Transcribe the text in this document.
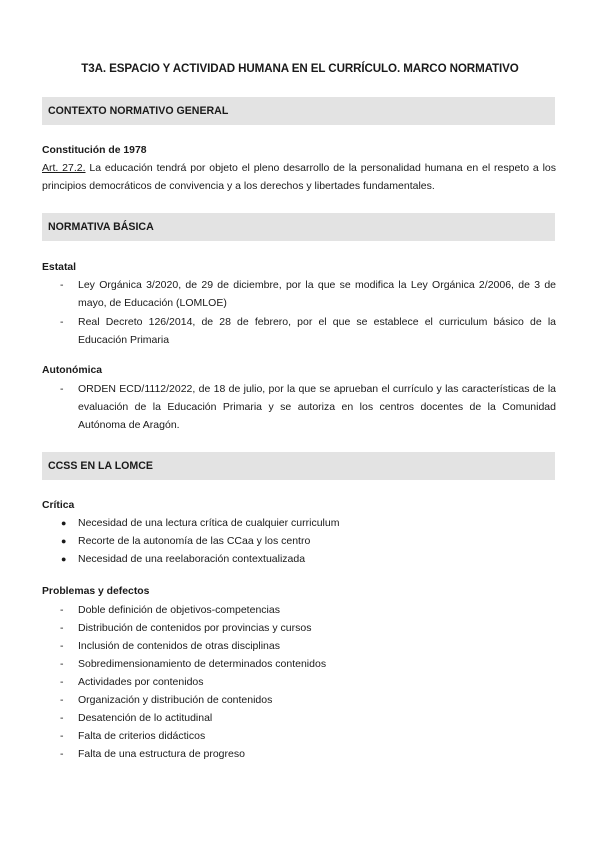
T3A. ESPACIO Y ACTIVIDAD HUMANA EN EL CURRÍCULO. MARCO NORMATIVO
CONTEXTO NORMATIVO GENERAL
Constitución de 1978
Art. 27.2. La educación tendrá por objeto el pleno desarrollo de la personalidad humana en el respeto a los principios democráticos de convivencia y a los derechos y libertades fundamentales.
NORMATIVA BÁSICA
Estatal
-	Ley Orgánica 3/2020, de 29 de diciembre, por la que se modifica la Ley Orgánica 2/2006, de 3 de mayo, de Educación (LOMLOE)
-	Real Decreto 126/2014, de 28 de febrero, por el que se establece el curriculum básico de la Educación Primaria
Autonómica
-	ORDEN ECD/1112/2022, de 18 de julio, por la que se aprueban el currículo y las características de la evaluación de la Educación Primaria y se autoriza en los centros docentes de la Comunidad Autónoma de Aragón.
CCSS EN LA LOMCE
Crítica
●	Necesidad de una lectura crítica de cualquier curriculum
●	Recorte de la autonomía de las CCaa y los centro
●	Necesidad de una reelaboración contextualizada
Problemas y defectos
-	Doble definición de objetivos-competencias
-	Distribución de contenidos por provincias y cursos
-	Inclusión de contenidos de otras disciplinas
-	Sobredimensionamiento de determinados contenidos
-	Actividades por contenidos
-	Organización y distribución de contenidos
-	Desatención de lo actitudinal
-	Falta de criterios didácticos
-	Falta de una estructura de progreso
